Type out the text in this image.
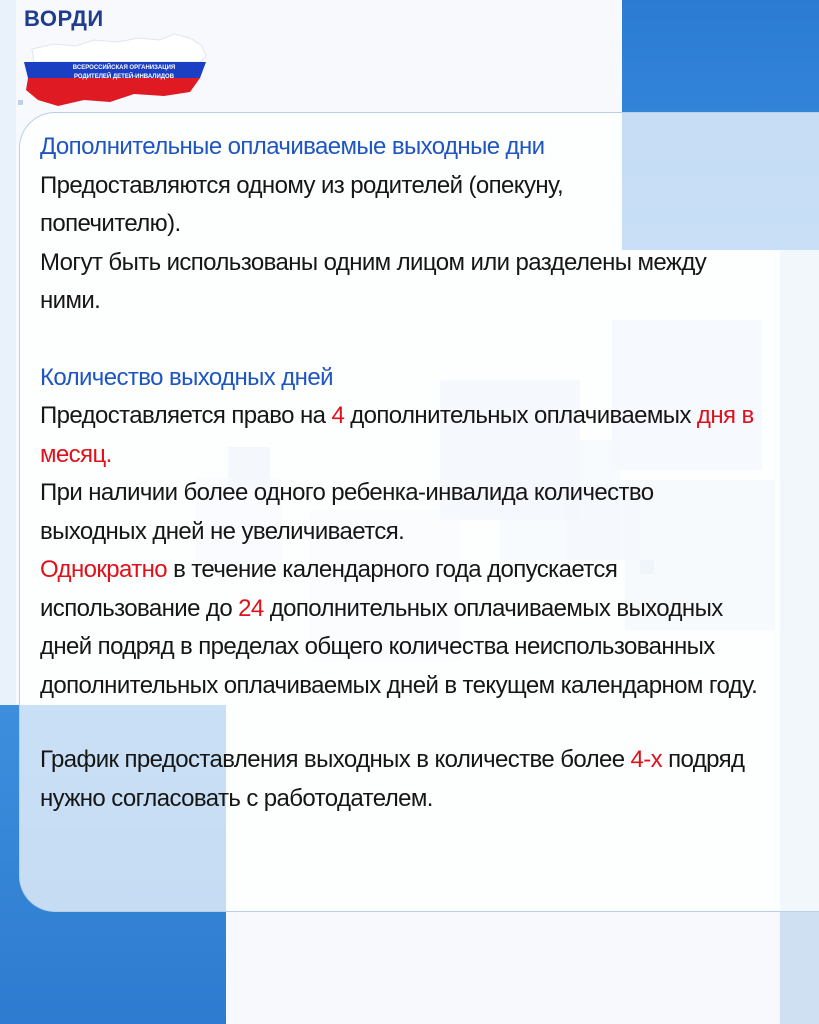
ВОРДИ
ВСЕРОССИЙСКАЯ ОРГАНИЗАЦИЯ
РОДИТЕЛЕЙ ДЕТЕЙ-ИНВАЛИДОВ

Дополнительные оплачиваемые выходные дни

Предоставляются одному из родителей (опекуну, попечителю).

Могут быть использованы одним лицом или разделены между ними.

Количество выходных дней

Предоставляется право на 4 дополнительных оплачиваемых дня в месяц.

При наличии более одного ребенка-инвалида количество выходных дней не увеличивается.

Однократно в течение календарного года допускается использование до 24 дополнительных оплачиваемых выходных дней подряд в пределах общего количества неиспользованных дополнительных оплачиваемых дней в текущем календарном году.

График предоставления выходных в количестве более 4-х подряд нужно согласовать с работодателем.
